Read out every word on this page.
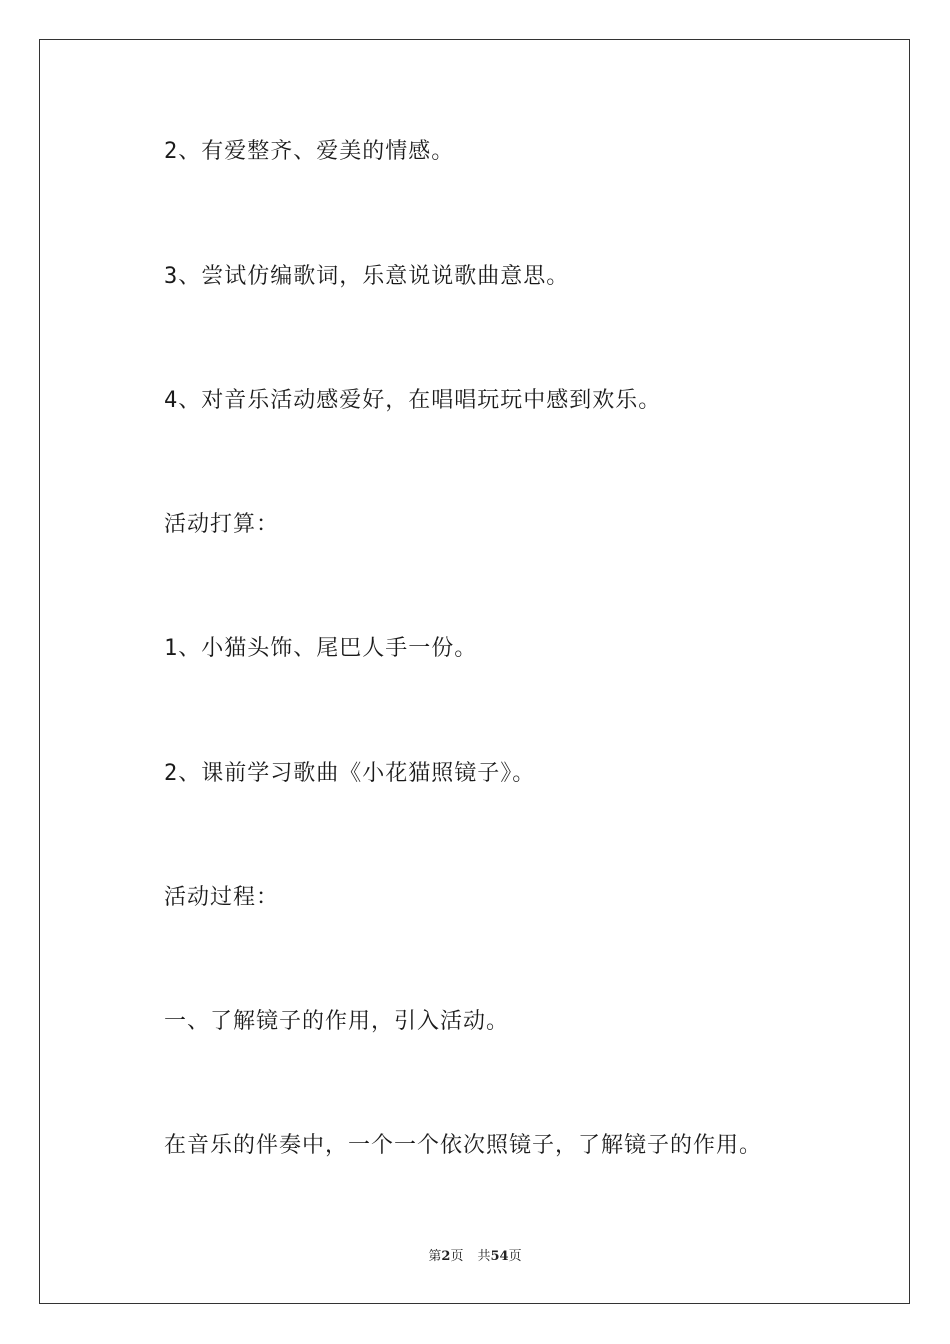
2、有爱整齐、爱美的情感。
3、尝试仿编歌词，乐意说说歌曲意思。
4、对音乐活动感爱好，在唱唱玩玩中感到欢乐。
活动打算：
1、小猫头饰、尾巴人手一份。
2、课前学习歌曲《小花猫照镜子》。
活动过程：
一、了解镜子的作用，引入活动。
在音乐的伴奏中，一个一个依次照镜子，了解镜子的作用。
第2页 共54页
